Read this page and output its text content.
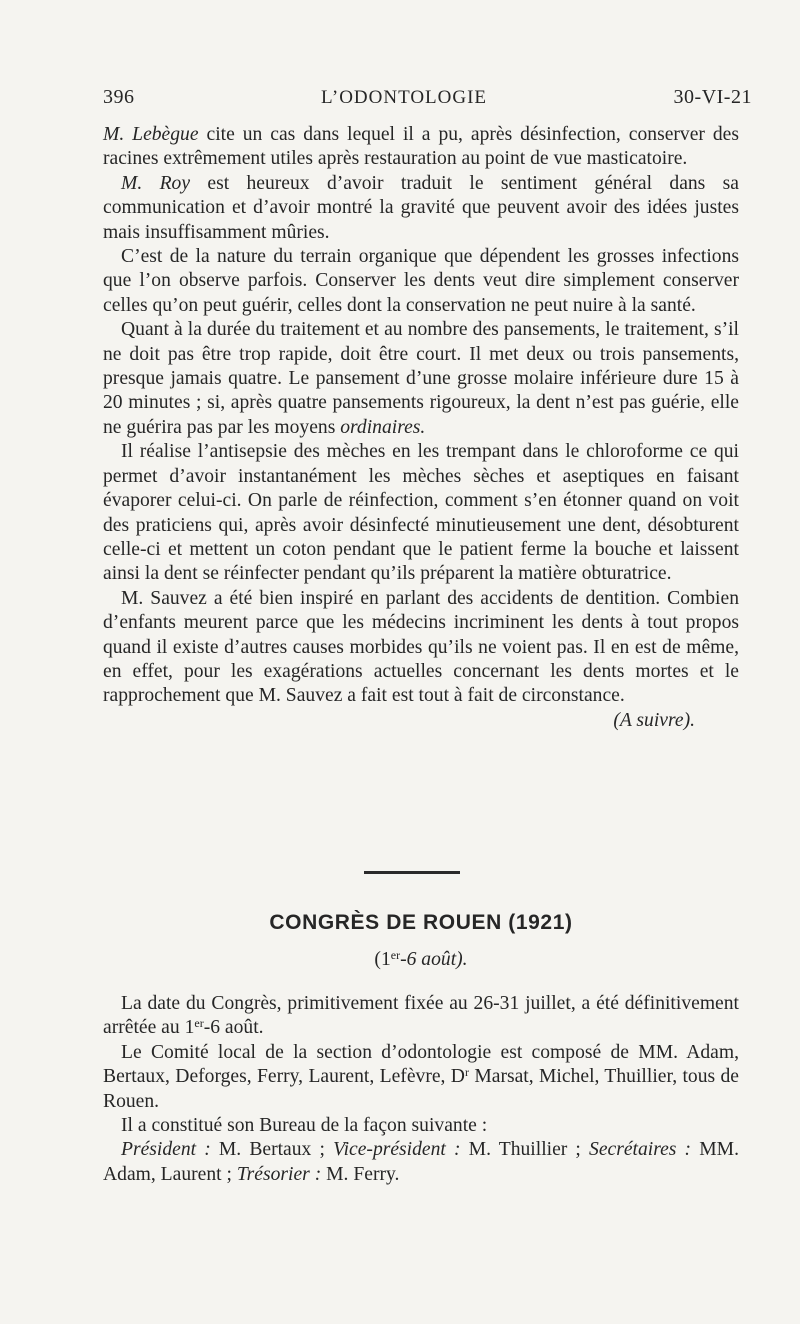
396	L’ODONTOLOGIE	30-VI-21

M. Lebègue cite un cas dans lequel il a pu, après désinfection, conserver des racines extrêmement utiles après restauration au point de vue masticatoire.

M. Roy est heureux d’avoir traduit le sentiment général dans sa communication et d’avoir montré la gravité que peuvent avoir des idées justes mais insuffisamment mûries.

C’est de la nature du terrain organique que dépendent les grosses infections que l’on observe parfois. Conserver les dents veut dire simplement conserver celles qu’on peut guérir, celles dont la conservation ne peut nuire à la santé.

Quant à la durée du traitement et au nombre des pansements, le traitement, s’il ne doit pas être trop rapide, doit être court. Il met deux ou trois pansements, presque jamais quatre. Le pansement d’une grosse molaire inférieure dure 15 à 20 minutes ; si, après quatre pansements rigoureux, la dent n’est pas guérie, elle ne guérira pas par les moyens ordinaires.

Il réalise l’antisepsie des mèches en les trempant dans le chloroforme ce qui permet d’avoir instantanément les mèches sèches et aseptiques en faisant évaporer celui-ci. On parle de réinfection, comment s’en étonner quand on voit des praticiens qui, après avoir désinfecté minutieusement une dent, désobturent celle-ci et mettent un coton pendant que le patient ferme la bouche et laissent ainsi la dent se réinfecter pendant qu’ils préparent la matière obturatrice.

M. Sauvez a été bien inspiré en parlant des accidents de dentition. Combien d’enfants meurent parce que les médecins incriminent les dents à tout propos quand il existe d’autres causes morbides qu’ils ne voient pas. Il en est de même, en effet, pour les exagérations actuelles concernant les dents mortes et le rapprochement que M. Sauvez a fait est tout à fait de circonstance.

(A suivre).

CONGRÈS DE ROUEN (1921)
(1er-6 août).

La date du Congrès, primitivement fixée au 26-31 juillet, a été définitivement arrêtée au 1er-6 août.

Le Comité local de la section d’odontologie est composé de MM. Adam, Bertaux, Deforges, Ferry, Laurent, Lefèvre, $D^r$ Marsat, Michel, Thuillier, tous de Rouen.

Il a constitué son Bureau de la façon suivante :

Président : M. Bertaux ; Vice-président : M. Thuillier ; Secrétaires : MM. Adam, Laurent ; Trésorier : M. Ferry.
